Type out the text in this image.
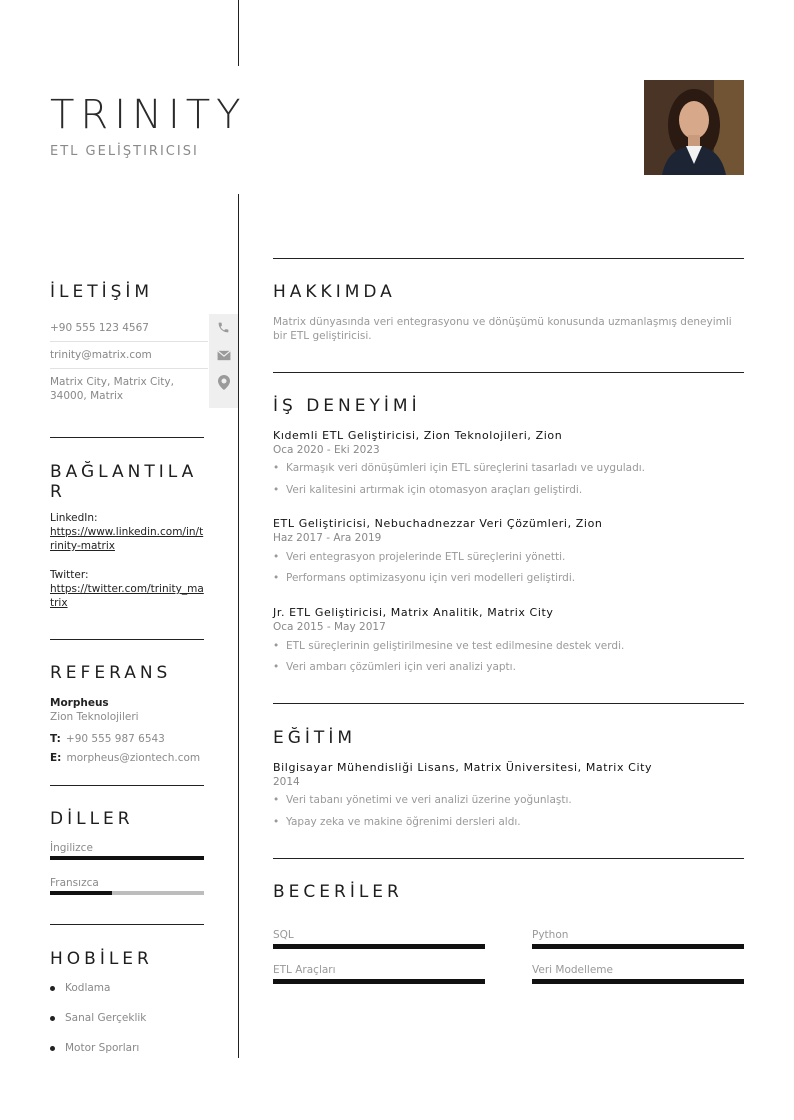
TRINITY
ETL GELİŞTIRICISI
İLETİŞİM
+90 555 123 4567
trinity@matrix.com
Matrix City, Matrix City, 34000, Matrix
BAĞLANTILA
R
LinkedIn:
https://www.linkedin.com/in/trinity-matrix
Twitter:
https://twitter.com/trinity_matrix
REFERANS
Morpheus
Zion Teknolojileri
T: +90 555 987 6543
E: morpheus@ziontech.com
DİLLER
İngilizce
Fransızca
HOBİLER
Kodlama
Sanal Gerçeklik
Motor Sporları
HAKKIMDA
Matrix dünyasında veri entegrasyonu ve dönüşümü konusunda uzmanlaşmış deneyimli bir ETL geliştiricisi.
İŞ DENEYİMİ
Kıdemli ETL Geliştiricisi, Zion Teknolojileri, Zion
Oca 2020 - Eki 2023
• Karmaşık veri dönüşümleri için ETL süreçlerini tasarladı ve uyguladı.
• Veri kalitesini artırmak için otomasyon araçları geliştirdi.
ETL Geliştiricisi, Nebuchadnezzar Veri Çözümleri, Zion
Haz 2017 - Ara 2019
• Veri entegrasyon projelerinde ETL süreçlerini yönetti.
• Performans optimizasyonu için veri modelleri geliştirdi.
Jr. ETL Geliştiricisi, Matrix Analitik, Matrix City
Oca 2015 - May 2017
• ETL süreçlerinin geliştirilmesine ve test edilmesine destek verdi.
• Veri ambarı çözümleri için veri analizi yaptı.
EĞİTİM
Bilgisayar Mühendisliği Lisans, Matrix Üniversitesi, Matrix City
2014
• Veri tabanı yönetimi ve veri analizi üzerine yoğunlaştı.
• Yapay zeka ve makine öğrenimi dersleri aldı.
BECERİLER
SQL	Python
ETL Araçları	Veri Modelleme
